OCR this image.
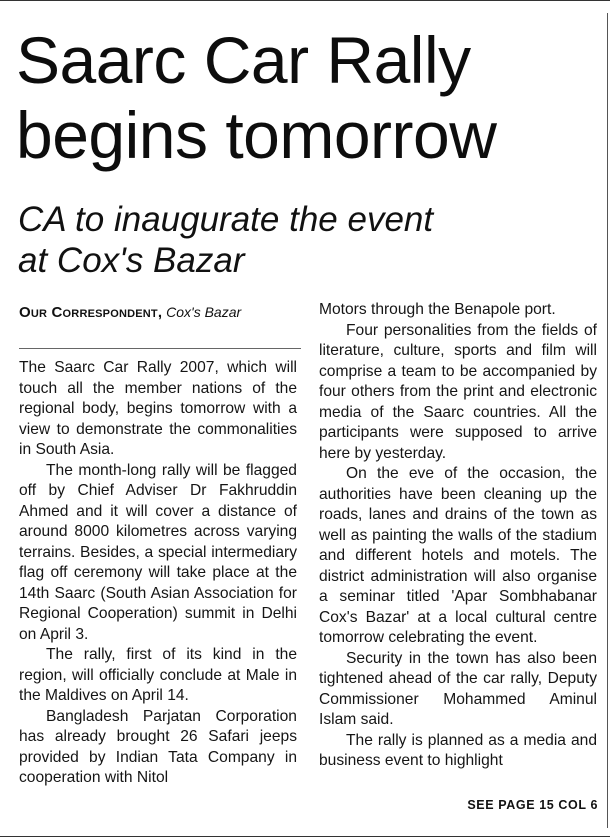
Saarc Car Rally
begins tomorrow
CA to inaugurate the event
at Cox's Bazar
Our Correspondent, Cox's Bazar

The Saarc Car Rally 2007, which will touch all the member nations of the regional body, begins tomorrow with a view to demonstrate the commonalities in South Asia.

The month-long rally will be flagged off by Chief Adviser Dr Fakhruddin Ahmed and it will cover a distance of around 8000 kilometres across varying terrains. Besides, a special intermediary flag off ceremony will take place at the 14th Saarc (South Asian Association for Regional Cooperation) summit in Delhi on April 3.

The rally, first of its kind in the region, will officially conclude at Male in the Maldives on April 14.

Bangladesh Parjatan Corporation has already brought 26 Safari jeeps provided by Indian Tata Company in cooperation with Nitol

Motors through the Benapole port.

Four personalities from the fields of literature, culture, sports and film will comprise a team to be accompanied by four others from the print and electronic media of the Saarc countries. All the participants were supposed to arrive here by yesterday.

On the eve of the occasion, the authorities have been cleaning up the roads, lanes and drains of the town as well as painting the walls of the stadium and different hotels and motels. The district administration will also organise a seminar titled 'Apar Sombhabanar Cox's Bazar' at a local cultural centre tomorrow celebrating the event.

Security in the town has also been tightened ahead of the car rally, Deputy Commissioner Mohammed Aminul Islam said.

The rally is planned as a media and business event to highlight

SEE PAGE 15 COL 6
